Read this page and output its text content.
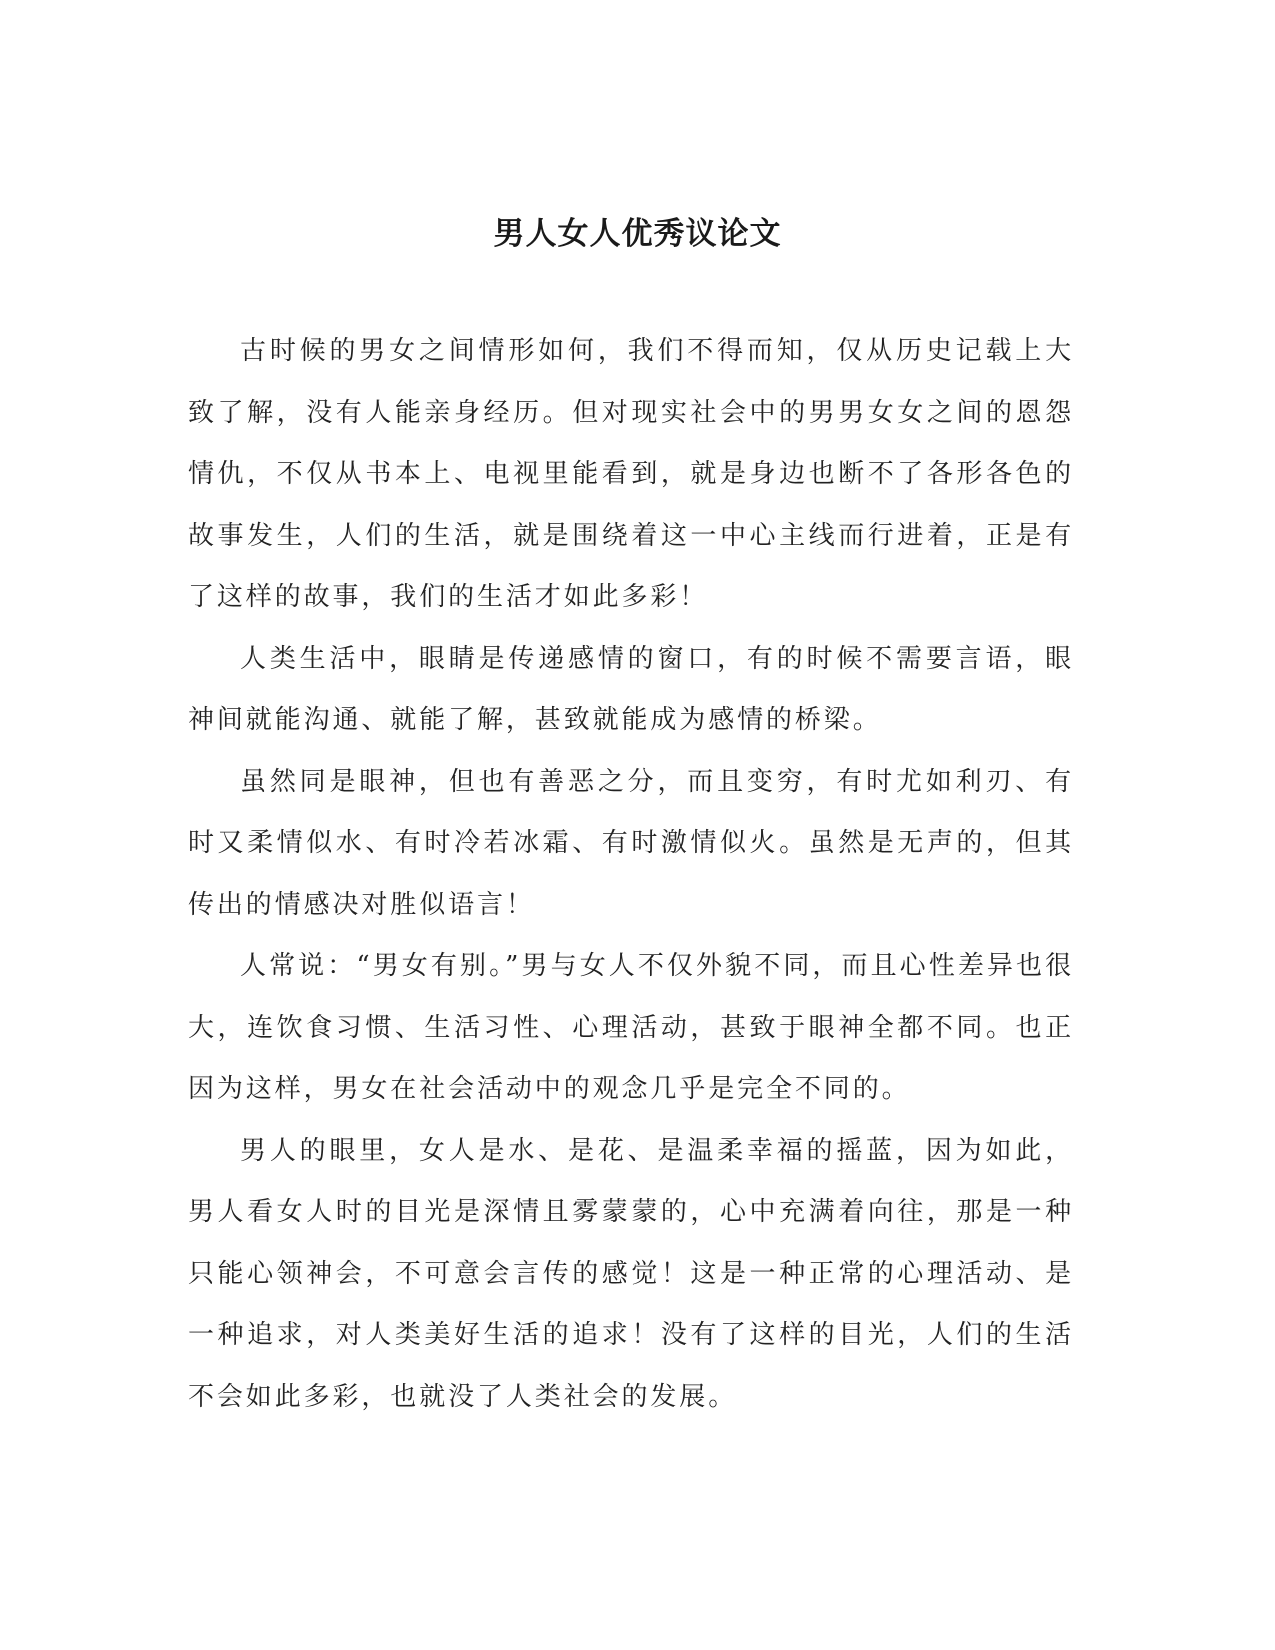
男人女人优秀议论文

古时候的男女之间情形如何，我们不得而知，仅从历史记载上大致了解，没有人能亲身经历。但对现实社会中的男男女女之间的恩怨情仇，不仅从书本上、电视里能看到，就是身边也断不了各形各色的故事发生，人们的生活，就是围绕着这一中心主线而行进着，正是有了这样的故事，我们的生活才如此多彩！

人类生活中，眼睛是传递感情的窗口，有的时候不需要言语，眼神间就能沟通、就能了解，甚致就能成为感情的桥梁。

虽然同是眼神，但也有善恶之分，而且变穷，有时尤如利刃、有时又柔情似水、有时冷若冰霜、有时激情似火。虽然是无声的，但其传出的情感决对胜似语言！

人常说：“男女有别。”男与女人不仅外貌不同，而且心性差异也很大，连饮食习惯、生活习性、心理活动，甚致于眼神全都不同。也正因为这样，男女在社会活动中的观念几乎是完全不同的。

男人的眼里，女人是水、是花、是温柔幸福的摇蓝，因为如此，男人看女人时的目光是深情且雾蒙蒙的，心中充满着向往，那是一种只能心领神会，不可意会言传的感觉！这是一种正常的心理活动、是一种追求，对人类美好生活的追求！没有了这样的目光，人们的生活不会如此多彩，也就没了人类社会的发展。
